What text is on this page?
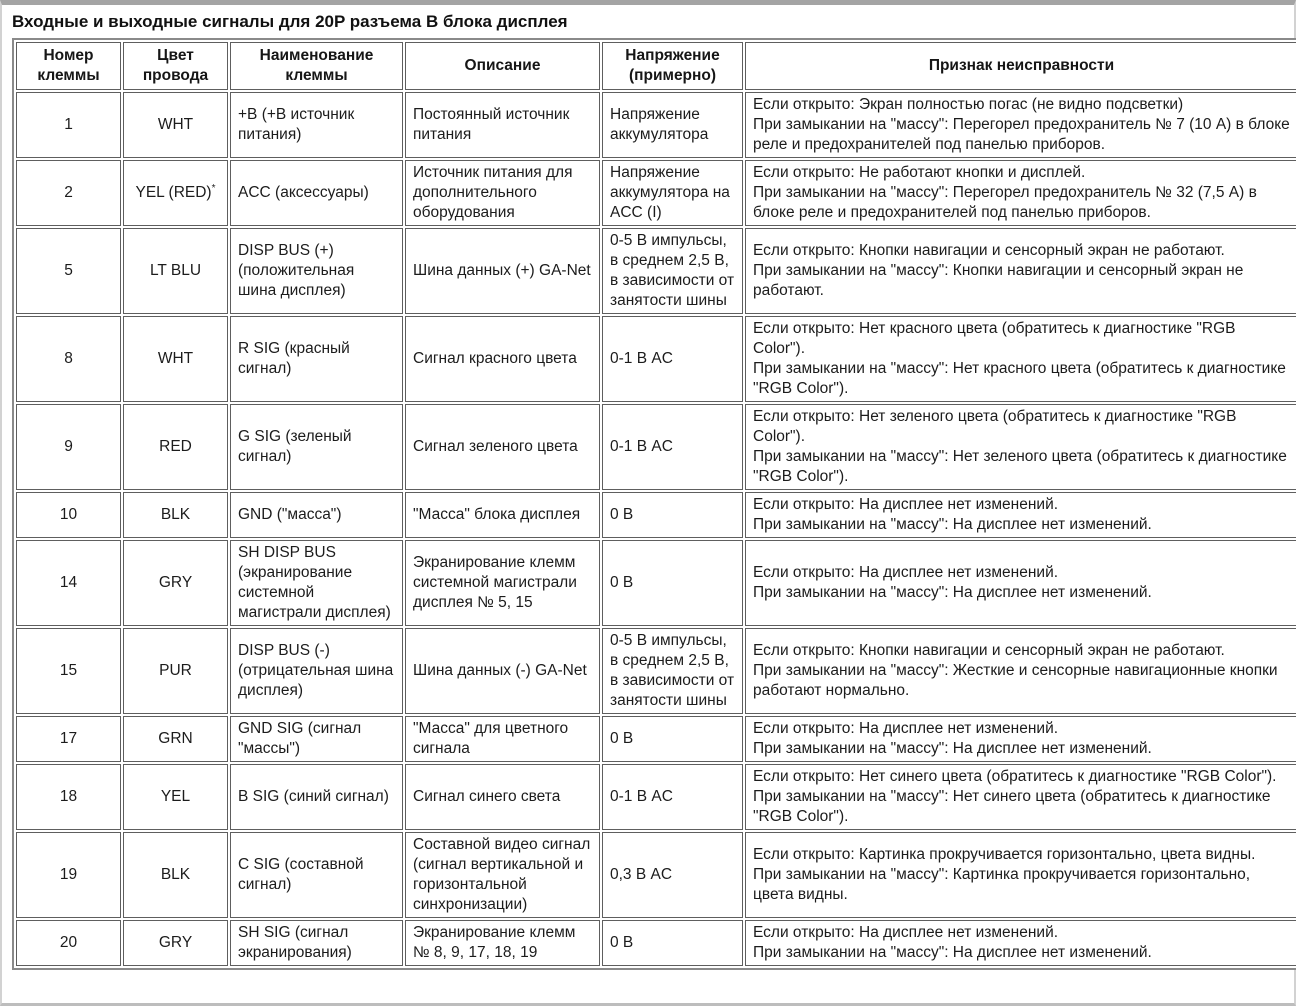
Входные и выходные сигналы для 20P разъема В блока дисплея
Номер клеммы	Цвет провода	Наименование клеммы	Описание	Напряжение (примерно)	Признак неисправности
1	WHT	+B (+B источник питания)	Постоянный источник питания	Напряжение аккумулятора	Если открыто: Экран полностью погас (не видно подсветки)
При замыкании на "массу": Перегорел предохранитель № 7 (10 А) в блоке реле и предохранителей под панелью приборов.

2	YEL (RED)*	ACC (аксессуары)	Источник питания для дополнительного оборудования	Напряжение аккумулятора на ACC (I)	Если открыто: Не работают кнопки и дисплей.
При замыкании на "массу": Перегорел предохранитель № 32 (7,5 А) в блоке реле и предохранителей под панелью приборов.

5	LT BLU	DISP BUS (+) (положительная шина дисплея)	Шина данных (+) GA-Net	0-5 В импульсы, в среднем 2,5 В, в зависимости от занятости шины	Если открыто: Кнопки навигации и сенсорный экран не работают.
При замыкании на "массу": Кнопки навигации и сенсорный экран не работают.

8	WHT	R SIG (красный сигнал)	Сигнал красного цвета	0-1 В AC	Если открыто: Нет красного цвета (обратитесь к диагностике "RGB Color").
При замыкании на "массу": Нет красного цвета (обратитесь к диагностике "RGB Color").

9	RED	G SIG (зеленый сигнал)	Сигнал зеленого цвета	0-1 В AC	Если открыто: Нет зеленого цвета (обратитесь к диагностике "RGB Color").
При замыкании на "массу": Нет зеленого цвета (обратитесь к диагностике "RGB Color").

10	BLK	GND ("масса")	"Масса" блока дисплея	0 В	Если открыто: На дисплее нет изменений.
При замыкании на "массу": На дисплее нет изменений.

14	GRY	SH DISP BUS (экранирование системной магистрали дисплея)	Экранирование клемм системной магистрали дисплея № 5, 15	0 В	Если открыто: На дисплее нет изменений.
При замыкании на "массу": На дисплее нет изменений.

15	PUR	DISP BUS (-) (отрицательная шина дисплея)	Шина данных (-) GA-Net	0-5 В импульсы, в среднем 2,5 В, в зависимости от занятости шины	Если открыто: Кнопки навигации и сенсорный экран не работают.
При замыкании на "массу": Жесткие и сенсорные навигационные кнопки работают нормально.

17	GRN	GND SIG (сигнал "массы")	"Масса" для цветного сигнала	0 В	Если открыто: На дисплее нет изменений.
При замыкании на "массу": На дисплее нет изменений.

18	YEL	B SIG (синий сигнал)	Сигнал синего света	0-1 В AC	Если открыто: Нет синего цвета (обратитесь к диагностике "RGB Color").
При замыкании на "массу": Нет синего цвета (обратитесь к диагностике "RGB Color").

19	BLK	C SIG (составной сигнал)	Составной видео сигнал (сигнал вертикальной и горизонтальной синхронизации)	0,3 В AC	Если открыто: Картинка прокручивается горизонтально, цвета видны.
При замыкании на "массу": Картинка прокручивается горизонтально, цвета видны.

20	GRY	SH SIG (сигнал экранирования)	Экранирование клемм № 8, 9, 17, 18, 19	0 В	Если открыто: На дисплее нет изменений.
При замыкании на "массу": На дисплее нет изменений.
